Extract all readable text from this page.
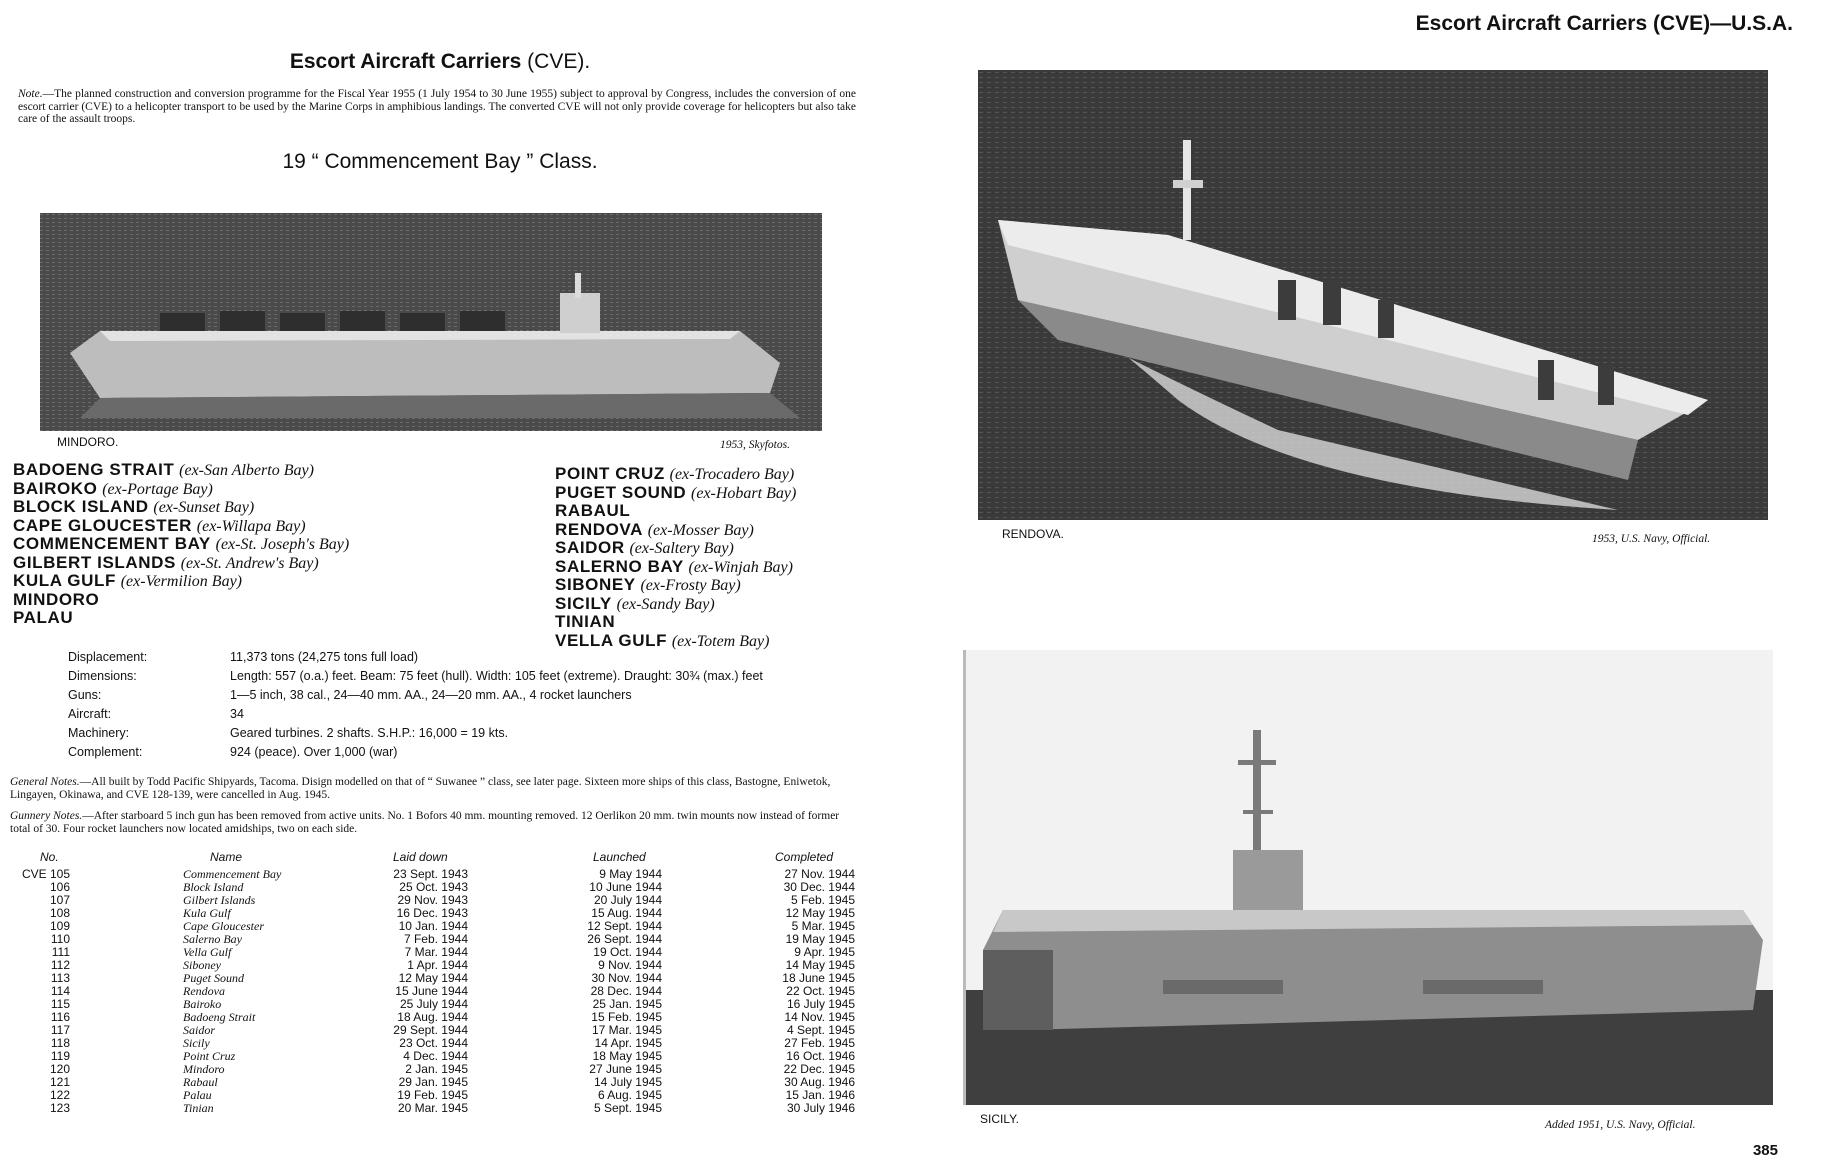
Escort Aircraft Carriers (CVE).
Note.—The planned construction and conversion programme for the Fiscal Year 1955 (1 July 1954 to 30 June 1955) subject to approval by Congress, includes the conversion of one escort carrier (CVE) to a helicopter transport to be used by the Marine Corps in amphibious landings. The converted CVE will not only provide coverage for helicopters but also take care of the assault troops.
19 “ Commencement Bay ” Class.
MINDORO.	1953, Skyfotos.
BADOENG STRAIT (ex-San Alberto Bay)
BAIROKO (ex-Portage Bay)
BLOCK ISLAND (ex-Sunset Bay)
CAPE GLOUCESTER (ex-Willapa Bay)
COMMENCEMENT BAY (ex-St. Joseph's Bay)
GILBERT ISLANDS (ex-St. Andrew's Bay)
KULA GULF (ex-Vermilion Bay)
MINDORO
PALAU
POINT CRUZ (ex-Trocadero Bay)
PUGET SOUND (ex-Hobart Bay)
RABAUL
RENDOVA (ex-Mosser Bay)
SAIDOR (ex-Saltery Bay)
SALERNO BAY (ex-Winjah Bay)
SIBONEY (ex-Frosty Bay)
SICILY (ex-Sandy Bay)
TINIAN
VELLA GULF (ex-Totem Bay)
Displacement:	11,373 tons (24,275 tons full load)
Dimensions:	Length: 557 (o.a.) feet. Beam: 75 feet (hull). Width: 105 feet (extreme). Draught: 30¾ (max.) feet
Guns:	1—5 inch, 38 cal., 24—40 mm. AA., 24—20 mm. AA., 4 rocket launchers
Aircraft:	34
Machinery:	Geared turbines. 2 shafts. S.H.P.: 16,000 = 19 kts.
Complement:	924 (peace). Over 1,000 (war)
General Notes.—All built by Todd Pacific Shipyards, Tacoma. Disign modelled on that of “ Suwanee ” class, see later page. Sixteen more ships of this class, Bastogne, Eniwetok, Lingayen, Okinawa, and CVE 128-139, were cancelled in Aug. 1945.
Gunnery Notes.—After starboard 5 inch gun has been removed from active units. No. 1 Bofors 40 mm. mounting removed. 12 Oerlikon 20 mm. twin mounts now instead of former total of 30. Four rocket launchers now located amidships, two on each side.
No.	Name	Laid down	Launched	Completed
CVE 105	Commencement Bay	23 Sept. 1943	9 May 1944	27 Nov. 1944
106	Block Island	25 Oct. 1943	10 June 1944	30 Dec. 1944
107	Gilbert Islands	29 Nov. 1943	20 July 1944	5 Feb. 1945
108	Kula Gulf	16 Dec. 1943	15 Aug. 1944	12 May 1945
109	Cape Gloucester	10 Jan. 1944	12 Sept. 1944	5 Mar. 1945
110	Salerno Bay	7 Feb. 1944	26 Sept. 1944	19 May 1945
111	Vella Gulf	7 Mar. 1944	19 Oct. 1944	9 Apr. 1945
112	Siboney	1 Apr. 1944	9 Nov. 1944	14 May 1945
113	Puget Sound	12 May 1944	30 Nov. 1944	18 June 1945
114	Rendova	15 June 1944	28 Dec. 1944	22 Oct. 1945
115	Bairoko	25 July 1944	25 Jan. 1945	16 July 1945
116	Badoeng Strait	18 Aug. 1944	15 Feb. 1945	14 Nov. 1945
117	Saidor	29 Sept. 1944	17 Mar. 1945	4 Sept. 1945
118	Sicily	23 Oct. 1944	14 Apr. 1945	27 Feb. 1945
119	Point Cruz	4 Dec. 1944	18 May 1945	16 Oct. 1946
120	Mindoro	2 Jan. 1945	27 June 1945	22 Dec. 1945
121	Rabaul	29 Jan. 1945	14 July 1945	30 Aug. 1946
122	Palau	19 Feb. 1945	6 Aug. 1945	15 Jan. 1946
123	Tinian	20 Mar. 1945	5 Sept. 1945	30 July 1946
Escort Aircraft Carriers (CVE)—U.S.A.
RENDOVA.	1953, U.S. Navy, Official.
SICILY.	Added 1951, U.S. Navy, Official.
385
